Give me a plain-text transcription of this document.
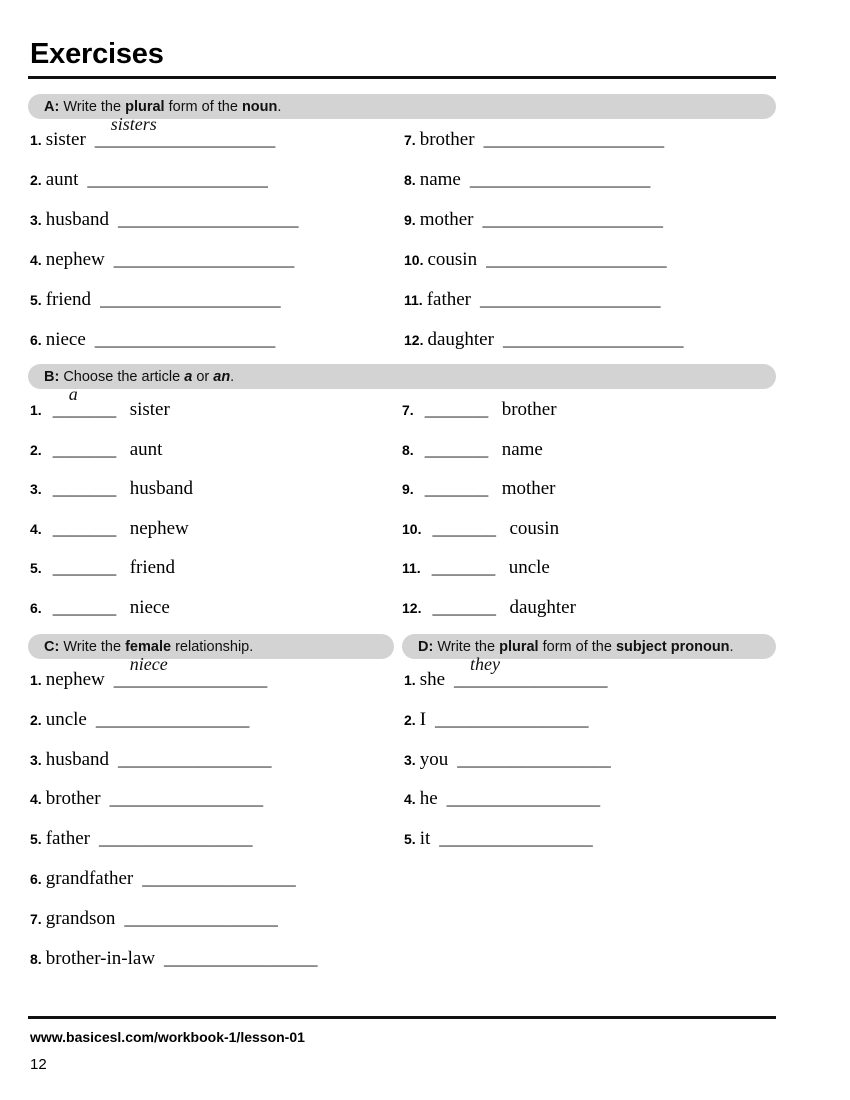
Exercises
A: Write the plural form of the noun.
1. sister ____________________
sisters
2. aunt ____________________
3. husband ____________________
4. nephew ____________________
5. friend ____________________
6. niece ____________________
7. brother ____________________
8. name ____________________
9. mother ____________________
10. cousin ____________________
11. father ____________________
12. daughter ____________________
B: Choose the article a or an.
1. _______
a
sister
2. _______ aunt
3. _______ husband
4. _______ nephew
5. _______ friend
6. _______ niece
7. _______ brother
8. _______ name
9. _______ mother
10. _______ cousin
11. _______ uncle
12. _______ daughter
C: Write the female relationship.
1. nephew _________________
niece
2. uncle _________________
3. husband _________________
4. brother _________________
5. father _________________
6. grandfather _________________
7. grandson _________________
8. brother-in-law _________________
D: Write the plural form of the subject pronoun.
1. she _________________
they
2. I _________________
3. you _________________
4. he _________________
5. it _________________
www.basicesl.com/workbook-1/lesson-01
12
